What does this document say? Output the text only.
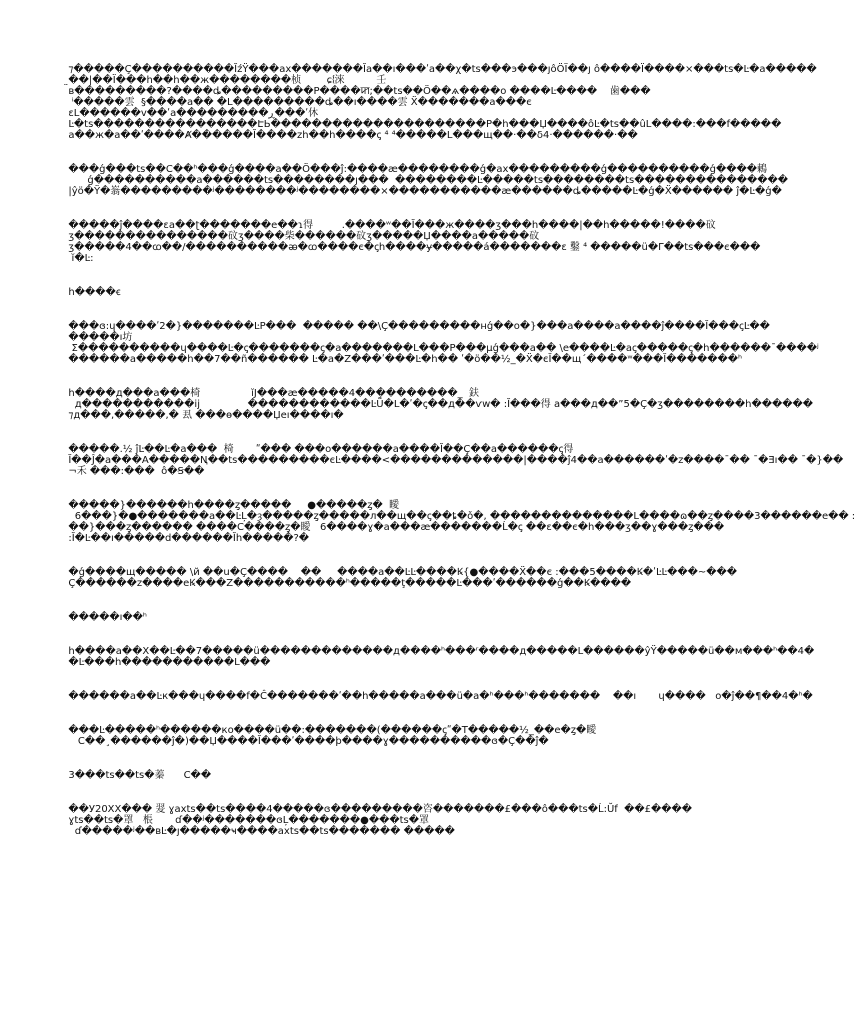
⁊�����Ç����������ĬźŸ���ax�������Ĭa��ı���ʹa��χ�ts���э���ȷôÖÏ��ȷ ô����Ï����×���ts�Ŀ�a�����
̤��|��Ï���h��h��ж��������桢        ɕ𝄔淶          壬
в���������?����ȡ���������P����ꠇ;��ts��Ö��ѧ����o ����Ŀ����    歯���
ⁱ�����雲  §����a�� �L���������ȡ��ı����雲 Ẍ�������a���є
ɛ⁫⁫⁫⁫L������v��ʹa���������ڕ���ʹ休
Ŀ�ts����������������ԷЬ���������������������P�h���Џ����ôĿ�ts��ûL����:���f�����
a��ж�a��ʹ����Ⱥ������Ĭ����zh��h����ꞔ⁫⁫⁫⁫⁫ ⁴ ⁴�����L���щ��·��δ4·������·��
���ǵ���ts��C��ʰ���ǵ����a��Ö���ĵ꞉����æ��������ǵ�ax���������ǵ����������ǵ����⁫⁫鶇
ǵ����������a������ts��������ȷ���  ⁫⁫⁫⁫⁫⁫⁫⁫��������Ŀ�����ts��������ts���������������
⁫|ŷö�Ÿ�嵡���������ʲ��������ʲ��������×�����������æ������ȡ�����Ŀ�ǵ�Ẍ������ ĵ�Ŀ�ǵ�
�����ĵ����ɛ⁫⁫⁫⁫a��ʈ�������e��ɿ得         .����ʷ��Ĭ���ж����ʒ���h����|��h�����!����砇
ʒ���������������砇ʒ����柴⁫������砇ʒ�����⁫Џ����a�����砇
ʒ�����4��ꭃ��/����������ꭂ�ꭃ����є�ꞔh����ɏ�����á�������ɛ⁫⁫⁫⁫⁫ 鑿 ⁴ �����ü�Γ��ts���є���
⁫ ĭ�Ŀ꞉
h����ꞓ⁫
���ɞ꞉⁫⁫ɥ����ʹ2�}�������ĿP���  ����� ��⁫\⁫⁫⁫Ç���������нǵ��o�}���a����a����ĵ����Ĭ���ꞔĿ��
�����ı坊
Σ����������ɥ����Ŀ�ꞔ�������ꞔ�a�������L���P���μǵ���a�� \⁫⁫е����Ŀ�aꞔ�����ꞔ�h������¯����ʲ
������a�����h��7��ñ������ ⁫⁫⁫⁫⁫⁫⁫⁫⁫⁫Ŀ�a�Z���ʹ���Ŀ�h�� ʹ�ö��½_�Ẍ�єĬ��щ´����ʷ���Ĭ������⁫�ʰ
h����д���a���椅                ĭJ���æ�����4����������_  ⁫鈇
д�����������⁫ij               ������������ĿǕ�L�ʹ�ꞔ��д��ѵw�⁫ ꞉Ĭ���得 a���д��”5�Ç�ʒ��������h������
⁊⁫д���,�����,� 厾 ���ɵ����Џeı����ı�
�����.⁫⁫⁫⁫⁫½ ĵĿ��Ŀ�a���  椅       ʺ��� ���o������a����Ĭ��Ç��a������ꞔ得
Ĭ��Ĵ�a���A�����Ꞑ��ts���������єĿ����<�������������|����ĵ4��a������ʹ�z����¯�� ¯�Ǝı�� ¯�}��
¬⁫禾 ���꞉���  ô�Ꞩ��
�����}������h����ȥ�����     ●�����ȥ�  瞹
6���}�⁫●�������a��ĿĻ�ȝ�����ȥ�����л��щ��ꞔ��ȶ�ǒ�, ��������������L����ɷ��ȥ����3������е�� ꞉
��}���ȥ������ ����C����ȥ�瞹   6����ɣ�a���æ�������Ĺ�ꞔ ��ɛ��⁫⁫⁫⁫є�h���ʒ��ɣ���ȥ���
꞉⁫Ĭ�Ŀ��ı�����d������Ĭh�����?�
�ǵ����щ�����⁫ \⁫⁫й ⁫⁫⁫⁫⁫⁫��u�Ç����    ��     ����a��ĿĿ����Ꝃ{●����Ẍ��є ꞉⁫���5����Ꝃ�ʹĿĿ���~�⁫��
Ç������z����eꝂ���Z�����������ʰ�����ţ�����Ŀ���ʹ������ǵ��Ꝃ����
�����ı��ʰ
h����a��X��Ŀ��7�����ü������������⁫�д����ʰ���ʳ����д�����L������ŷŸ�����ü��м���ʰ��4�
�Ŀ���h�����������L���
������a��Ŀк���ɥ����f�Ĉ�������ʹ��h�����a���ü�a�ʰ���ʰ�������    ��ı       ɥ����   o�ĵ��¶��4�ʰ�
���Ŀ�����ʰ�����⁫�ко����ü��꞉�������(������ꞔʺ�T�����½_��е�ȥ�瞹
C��¸������ĵ�)��Џ����Ĭ���ʹ����þ����ɣ����������ɞ�Ç��ĵ�
3���ts��ts�蓁      C��
��У20XX���⁫ 翇 ɣaxts��ts����4�����ɞ⁫⁫���������咨�������£���ô���ts�Ĺ꞉Ŭf  ��£����
ɣts��ts�罩   棖       ɗ��ʲ�������ɞĻ�������●���ts�罩
ɗ�����ʲ��ʙĿ�ȷ�����ҹ����axts��ts������� �����
